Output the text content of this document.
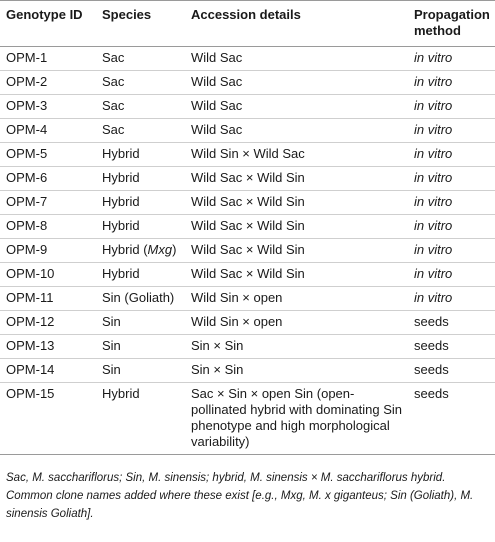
Genotype ID	Species	Accession details	Propagation method
OPM-1	Sac	Wild Sac	in vitro
OPM-2	Sac	Wild Sac	in vitro
OPM-3	Sac	Wild Sac	in vitro
OPM-4	Sac	Wild Sac	in vitro
OPM-5	Hybrid	Wild Sin × Wild Sac	in vitro
OPM-6	Hybrid	Wild Sac × Wild Sin	in vitro
OPM-7	Hybrid	Wild Sac × Wild Sin	in vitro
OPM-8	Hybrid	Wild Sac × Wild Sin	in vitro
OPM-9	Hybrid (Mxg)	Wild Sac × Wild Sin	in vitro
OPM-10	Hybrid	Wild Sac × Wild Sin	in vitro
OPM-11	Sin (Goliath)	Wild Sin × open	in vitro
OPM-12	Sin	Wild Sin × open	seeds
OPM-13	Sin	Sin × Sin	seeds
OPM-14	Sin	Sin × Sin	seeds
OPM-15	Hybrid	Sac × Sin × open Sin (open-pollinated hybrid with dominating Sin phenotype and high morphological variability)	seeds
Sac, M. sacchariflorus; Sin, M. sinensis; hybrid, M. sinensis × M. sacchariflorus hybrid. Common clone names added where these exist [e.g., Mxg, M. x giganteus; Sin (Goliath), M. sinensis Goliath].
